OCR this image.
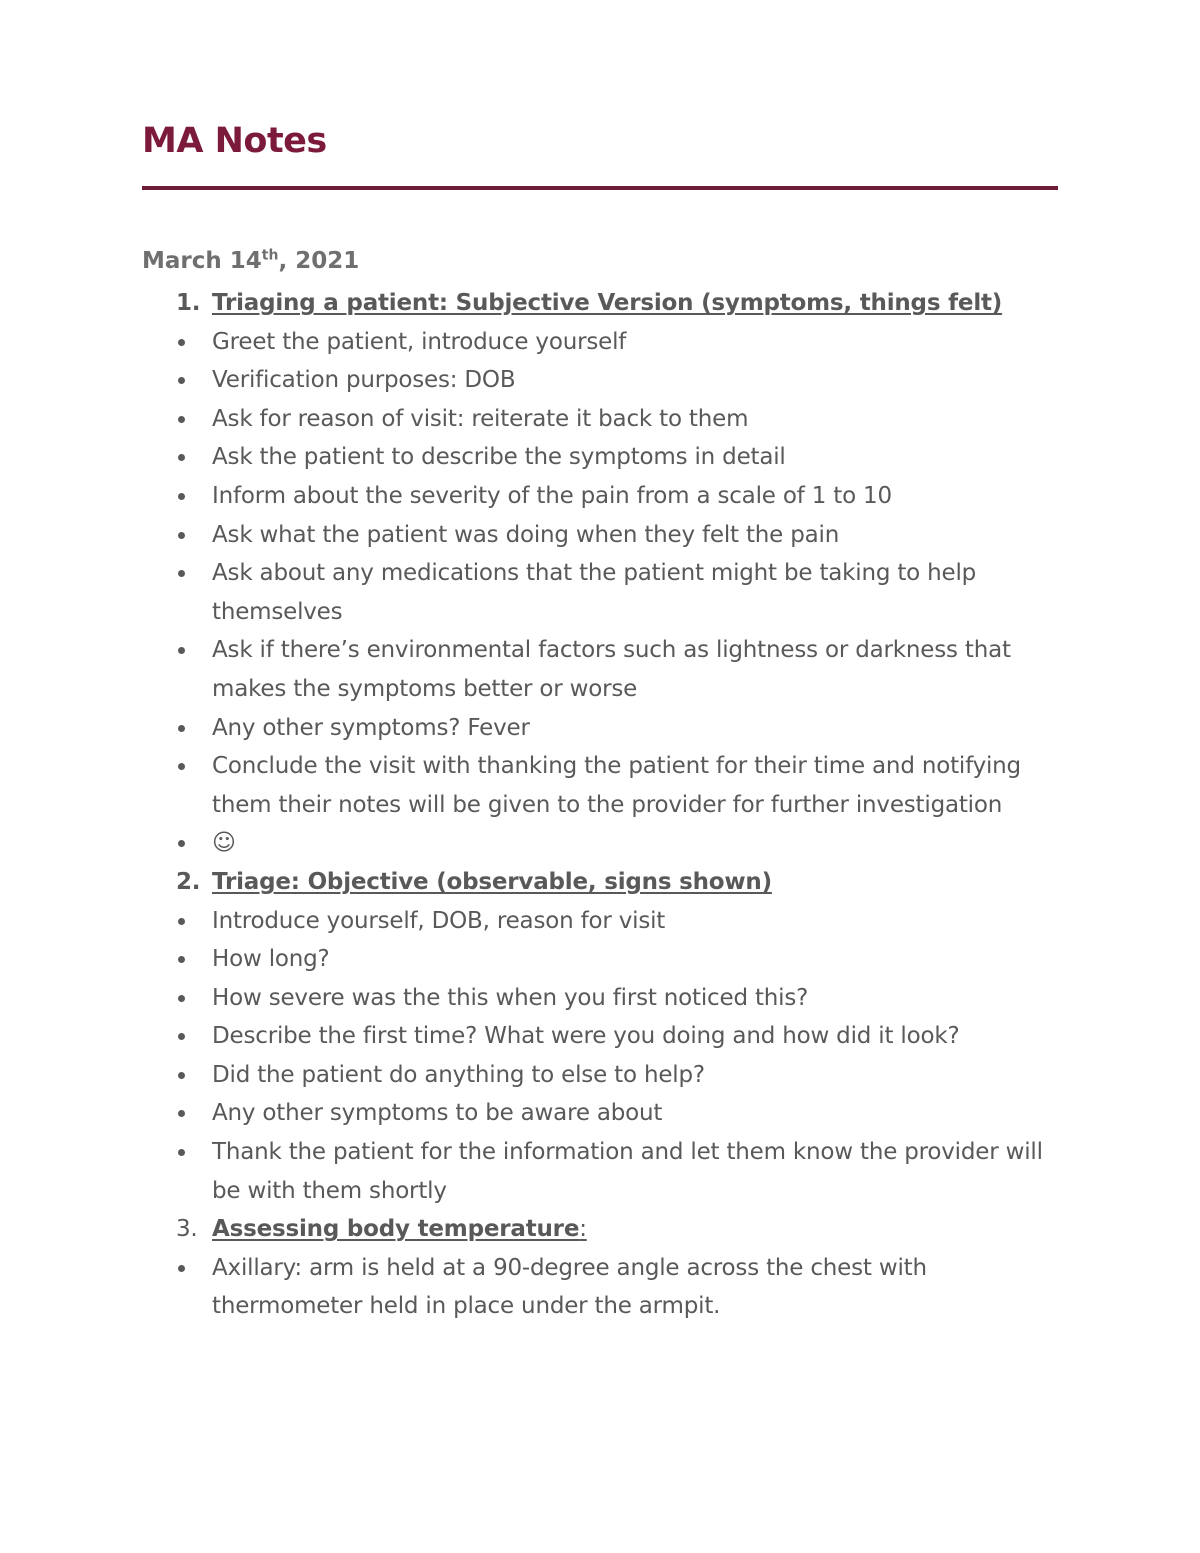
MA Notes
March 14th, 2021
1. Triaging a patient: Subjective Version (symptoms, things felt)
Greet the patient, introduce yourself
Verification purposes: DOB
Ask for reason of visit: reiterate it back to them
Ask the patient to describe the symptoms in detail
Inform about the severity of the pain from a scale of 1 to 10
Ask what the patient was doing when they felt the pain
Ask about any medications that the patient might be taking to help themselves
Ask if there’s environmental factors such as lightness or darkness that makes the symptoms better or worse
Any other symptoms? Fever
Conclude the visit with thanking the patient for their time and notifying them their notes will be given to the provider for further investigation
☺
2. Triage: Objective (observable, signs shown)
Introduce yourself, DOB, reason for visit
How long?
How severe was the this when you first noticed this?
Describe the first time? What were you doing and how did it look?
Did the patient do anything to else to help?
Any other symptoms to be aware about
Thank the patient for the information and let them know the provider will be with them shortly
3. Assessing body temperature:
Axillary: arm is held at a 90-degree angle across the chest with thermometer held in place under the armpit.
